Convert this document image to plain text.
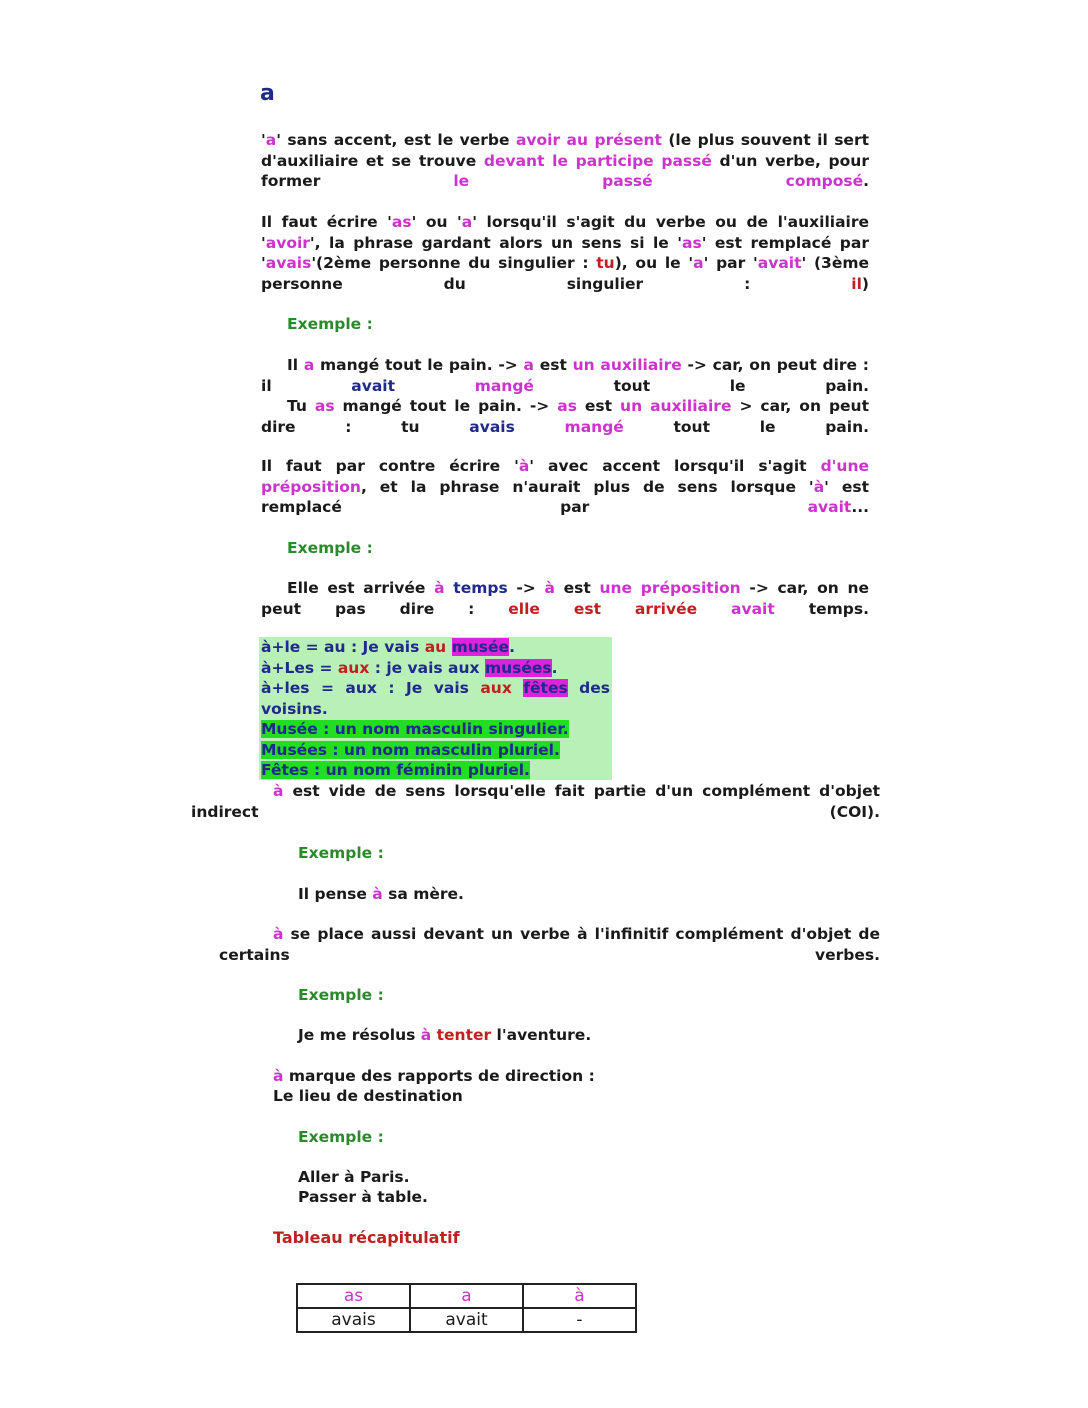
a
'a' sans accent, est le verbe avoir au présent (le plus souvent il sert d'auxiliaire et se trouve devant le participe passé d'un verbe, pour former le passé composé.
Il faut écrire 'as' ou 'a' lorsqu'il s'agit du verbe ou de l'auxiliaire 'avoir', la phrase gardant alors un sens si le 'as' est remplacé par 'avais'(2ème personne du singulier : tu), ou le 'a' par 'avait' (3ème personne du singulier : il)
Exemple :
Il a mangé tout le pain. -> a est un auxiliaire -> car, on peut dire : il avait	mangé tout le pain.
Tu as mangé tout le pain. -> as est un auxiliaire > car, on peut dire : tu avais	mangé tout le pain.
Il faut par contre écrire 'à' avec accent lorsqu'il s'agit d'une préposition, et la phrase n'aurait plus de sens lorsque 'à' est remplacé par avait...
Exemple :
Elle est arrivée à temps -> à est une préposition -> car, on ne peut pas dire : elle est arrivée avait temps.
à+le = au : Je vais au musée.
à+Les = aux : je vais aux musées.
à+les = aux : Je vais aux fêtes des voisins.
Musée : un nom masculin singulier.
Musées : un nom masculin pluriel.
Fêtes : un nom féminin pluriel.
à est vide de sens lorsqu'elle fait partie d'un complément d'objet indirect (COI).
Exemple :
Il pense à sa mère.
à se place aussi devant un verbe à l'infinitif complément d'objet de certains verbes.
Exemple :
Je me résolus à tenter l'aventure.
à marque des rapports de direction :
Le lieu de destination
Exemple :
Aller à Paris.
Passer à table.
Tableau récapitulatif
as	a	à
avais	avait	-
